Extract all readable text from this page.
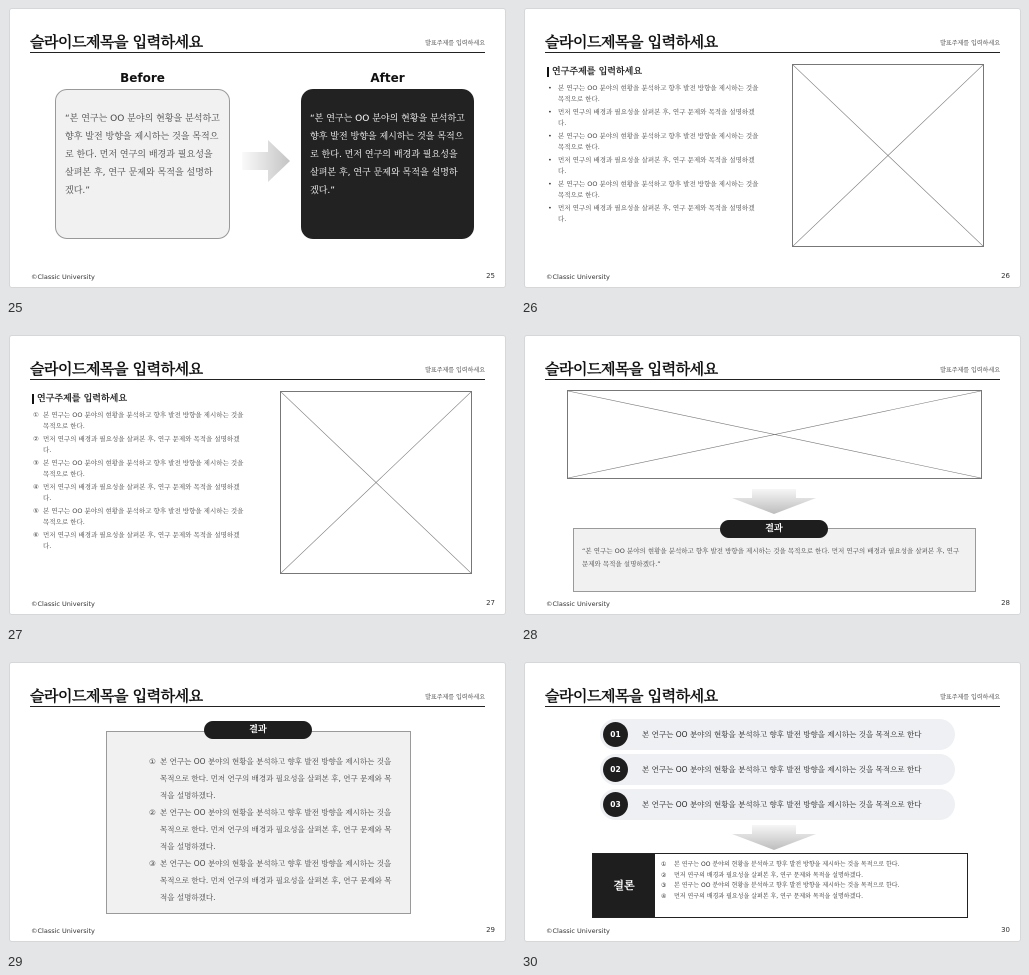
슬라이드제목을 입력하세요	발표주제를 입력하세요
Before	After
“본 연구는 OO 분야의 현황을 분석하고 향후 발전 방향을 제시하는 것을 목적으로 한다. 먼저 연구의 배경과 필요성을 살펴본 후, 연구 문제와 목적을 설명하겠다.”
“본 연구는 OO 분야의 현황을 분석하고 향후 발전 방향을 제시하는 것을 목적으로 한다. 먼저 연구의 배경과 필요성을 살펴본 후, 연구 문제와 목적을 설명하겠다.”
©Classic University	25
25
슬라이드제목을 입력하세요	발표주제를 입력하세요
연구주제를 입력하세요
• 본 연구는 OO 분야의 현황을 분석하고 향후 발전 방향을 제시하는 것을 목적으로 한다.
• 먼저 연구의 배경과 필요성을 살펴본 후, 연구 문제와 목적을 설명하겠다.
• 본 연구는 OO 분야의 현황을 분석하고 향후 발전 방향을 제시하는 것을 목적으로 한다.
• 먼저 연구의 배경과 필요성을 살펴본 후, 연구 문제와 목적을 설명하겠다.
• 본 연구는 OO 분야의 현황을 분석하고 향후 발전 방향을 제시하는 것을 목적으로 한다.
• 먼저 연구의 배경과 필요성을 살펴본 후, 연구 문제와 목적을 설명하겠다.
©Classic University	26
26
슬라이드제목을 입력하세요	발표주제를 입력하세요
연구주제를 입력하세요
① 본 연구는 OO 분야의 현황을 분석하고 향후 발전 방향을 제시하는 것을 목적으로 한다.
② 먼저 연구의 배경과 필요성을 살펴본 후, 연구 문제와 목적을 설명하겠다.
③ 본 연구는 OO 분야의 현황을 분석하고 향후 발전 방향을 제시하는 것을 목적으로 한다.
④ 먼저 연구의 배경과 필요성을 살펴본 후, 연구 문제와 목적을 설명하겠다.
⑤ 본 연구는 OO 분야의 현황을 분석하고 향후 발전 방향을 제시하는 것을 목적으로 한다.
⑥ 먼저 연구의 배경과 필요성을 살펴본 후, 연구 문제와 목적을 설명하겠다.
©Classic University	27
27
슬라이드제목을 입력하세요	발표주제를 입력하세요
“본 연구는 OO 분야의 현황을 분석하고 향후 발전 방향을 제시하는 것을 목적으로 한다. 먼저 연구의 배경과 필요성을 살펴본 후, 연구 문제와 목적을 설명하겠다.”
결과
©Classic University	28
28
슬라이드제목을 입력하세요	발표주제를 입력하세요
① 본 연구는 OO 분야의 현황을 분석하고 향후 발전 방향을 제시하는 것을 목적으로 한다. 먼저 연구의 배경과 필요성을 살펴본 후, 연구 문제와 목적을 설명하겠다.
② 본 연구는 OO 분야의 현황을 분석하고 향후 발전 방향을 제시하는 것을 목적으로 한다. 먼저 연구의 배경과 필요성을 살펴본 후, 연구 문제와 목적을 설명하겠다.
③ 본 연구는 OO 분야의 현황을 분석하고 향후 발전 방향을 제시하는 것을 목적으로 한다. 먼저 연구의 배경과 필요성을 살펴본 후, 연구 문제와 목적을 설명하겠다.
결과
©Classic University	29
29
슬라이드제목을 입력하세요	발표주제를 입력하세요
01	본 연구는 OO 분야의 현황을 분석하고 향후 발전 방향을 제시하는 것을 목적으로 한다
02	본 연구는 OO 분야의 현황을 분석하고 향후 발전 방향을 제시하는 것을 목적으로 한다
03	본 연구는 OO 분야의 현황을 분석하고 향후 발전 방향을 제시하는 것을 목적으로 한다
결론
① 본 연구는 OO 분야의 현황을 분석하고 향후 발전 방향을 제시하는 것을 목적으로 한다.
② 먼저 연구의 배경과 필요성을 살펴본 후, 연구 문제와 목적을 설명하겠다.
③ 본 연구는 OO 분야의 현황을 분석하고 향후 발전 방향을 제시하는 것을 목적으로 한다.
④ 먼저 연구의 배경과 필요성을 살펴본 후, 연구 문제와 목적을 설명하겠다.
©Classic University	30
30
